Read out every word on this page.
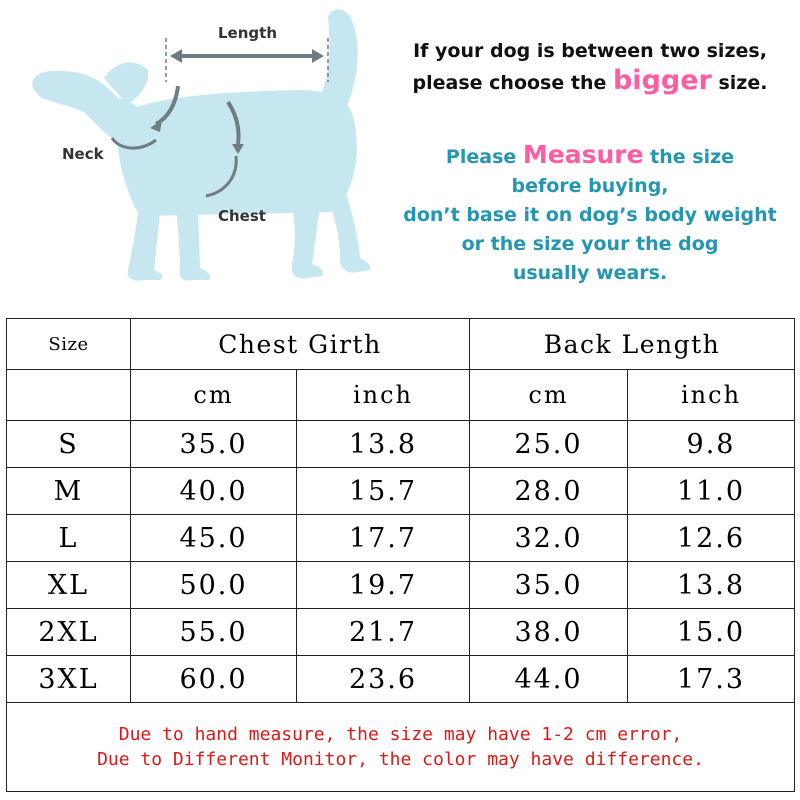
Length
Neck
Chest
If your dog is between two sizes,
please choose the bigger size.
Please Measure the size
before buying,
don’t base it on dog’s body weight
or the size your the dog
usually wears.
Size	Chest Girth		Back Length	
	cm	inch	cm	inch
S	35.0	13.8	25.0	9.8
M	40.0	15.7	28.0	11.0
L	45.0	17.7	32.0	12.6
XL	50.0	19.7	35.0	13.8
2XL	55.0	21.7	38.0	15.0
3XL	60.0	23.6	44.0	17.3

Due to hand measure, the size may have 1-2 cm error,
Due to Different Monitor, the color may have difference.				
